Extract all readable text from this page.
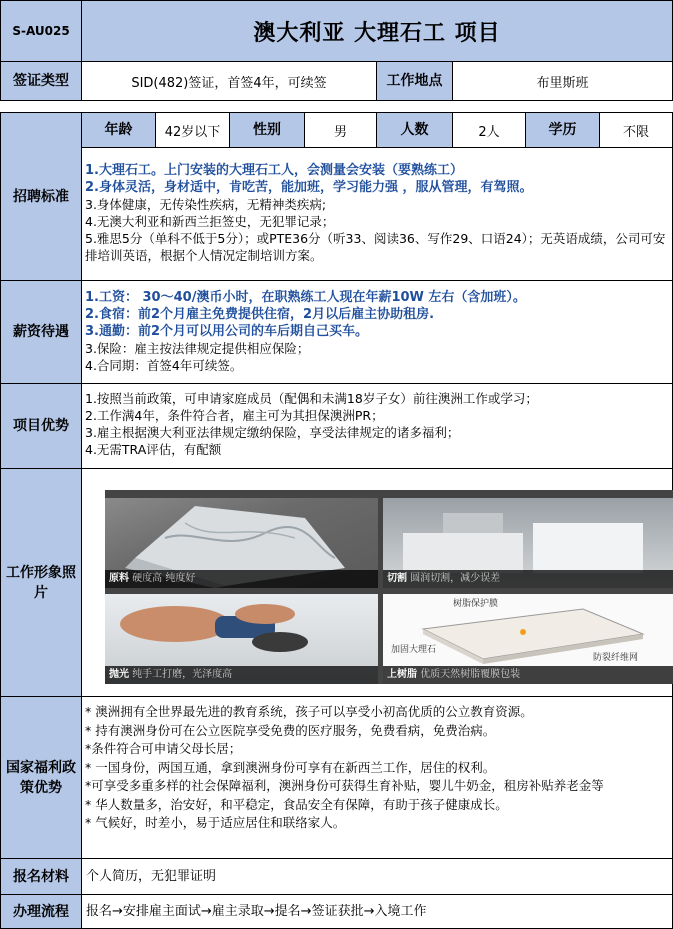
S-AU025	澳大利亚 大理石工 项目
签证类型	SID(482)签证，首签4年，可续签	工作地点	布里斯班
招聘标准
年龄	42岁以下	性别	男	人数	2人	学历	不限
1.大理石工。上门安装的大理石工人，会测量会安装（要熟练工）
2.身体灵活，身材适中，肯吃苦，能加班，学习能力强 ，服从管理，有驾照。
3.身体健康，无传染性疾病，无精神类疾病;
4.无澳大利亚和新西兰拒签史，无犯罪记录；
5.雅思5分（单科不低于5分）；或PTE36分（听33、阅读36、写作29、口语24）；无英语成绩，公司可安排培训英语，根据个人情况定制培训方案。
薪资待遇
1.工资： 30～40/澳币小时，在职熟练工人现在年薪10W 左右（含加班）。
2.食宿：前2个月雇主免费提供住宿，2月以后雇主协助租房.
3.通勤：前2个月可以用公司的车后期自己买车。
3.保险：雇主按法律规定提供相应保险；
4.合同期：首签4年可续签。
项目优势
1.按照当前政策，可申请家庭成员（配偶和未满18岁子女）前往澳洲工作或学习；
2.工作满4年，条件符合者，雇主可为其担保澳洲PR；
3.雇主根据澳大利亚法律规定缴纳保险，享受法律规定的诸多福利；
4.无需TRA评估，有配额
工作形象照片
原料 硬度高 纯度好	切割 圆润切割，减少误差
抛光 纯手工打磨，光泽度高
树脂保护膜
加固大理石
防裂纤维网
上树脂 优质天然树脂覆膜包装
国家福利政策优势
* 澳洲拥有全世界最先进的教育系统，孩子可以享受小初高优质的公立教育资源。
* 持有澳洲身份可在公立医院享受免费的医疗服务，免费看病，免费治病。
*条件符合可申请父母长居；
* 一国身份，两国互通，拿到澳洲身份可享有在新西兰工作，居住的权利。
*可享受多重多样的社会保障福利，澳洲身份可获得生育补贴，婴儿牛奶金，租房补贴养老金等
* 华人数量多，治安好，和平稳定，食品安全有保障，有助于孩子健康成长。
* 气候好，时差小，易于适应居住和联络家人。
报名材料	个人简历，无犯罪证明
办理流程	报名→安排雇主面试→雇主录取→提名→签证获批→入境工作
